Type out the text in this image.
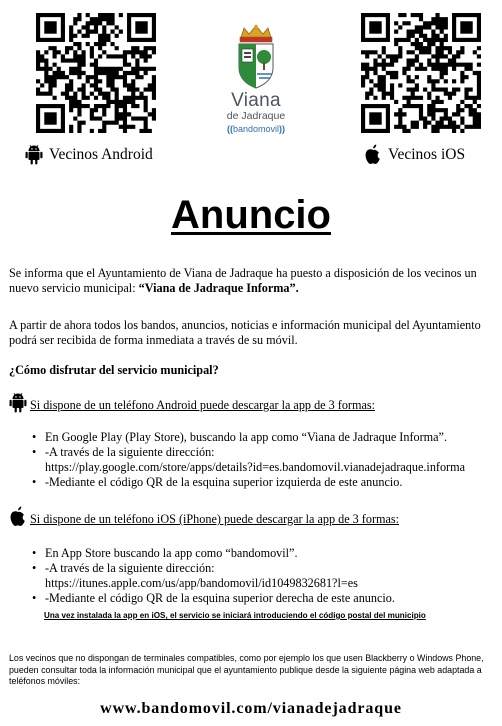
Viana
de Jadraque
((bandomovil))
Vecinos Android	Vecinos iOS
Anuncio
Se informa que el Ayuntamiento de Viana de Jadraque ha puesto a disposición de los vecinos un nuevo servicio municipal: “Viana de Jadraque Informa”.
A partir de ahora todos los bandos, anuncios, noticias e información municipal del Ayuntamiento podrá ser recibida de forma inmediata a través de su móvil.
¿Cómo disfrutar del servicio municipal?
Si dispone de un teléfono Android puede descargar la app de 3 formas:
• En Google Play (Play Store), buscando la app como “Viana de Jadraque Informa”.
• -A través de la siguiente dirección:
https://play.google.com/store/apps/details?id=es.bandomovil.vianadejadraque.informa
• -Mediante el código QR de la esquina superior izquierda de este anuncio.
Si dispone de un teléfono iOS (iPhone) puede descargar la app de 3 formas:
• En App Store buscando la app como “bandomovil”.
• -A través de la siguiente dirección:
https://itunes.apple.com/us/app/bandomovil/id1049832681?l=es
• -Mediante el código QR de la esquina superior derecha de este anuncio.
Una vez instalada la app en iOS, el servicio se iniciará introduciendo el código postal del municipio
Los vecinos que no dispongan de terminales compatibles, como por ejemplo los que usen Blackberry o Windows Phone, pueden consultar toda la información municipal que el ayuntamiento publique desde la siguiente página web adaptada a teléfonos móviles:
www.bandomovil.com/vianadejadraque
